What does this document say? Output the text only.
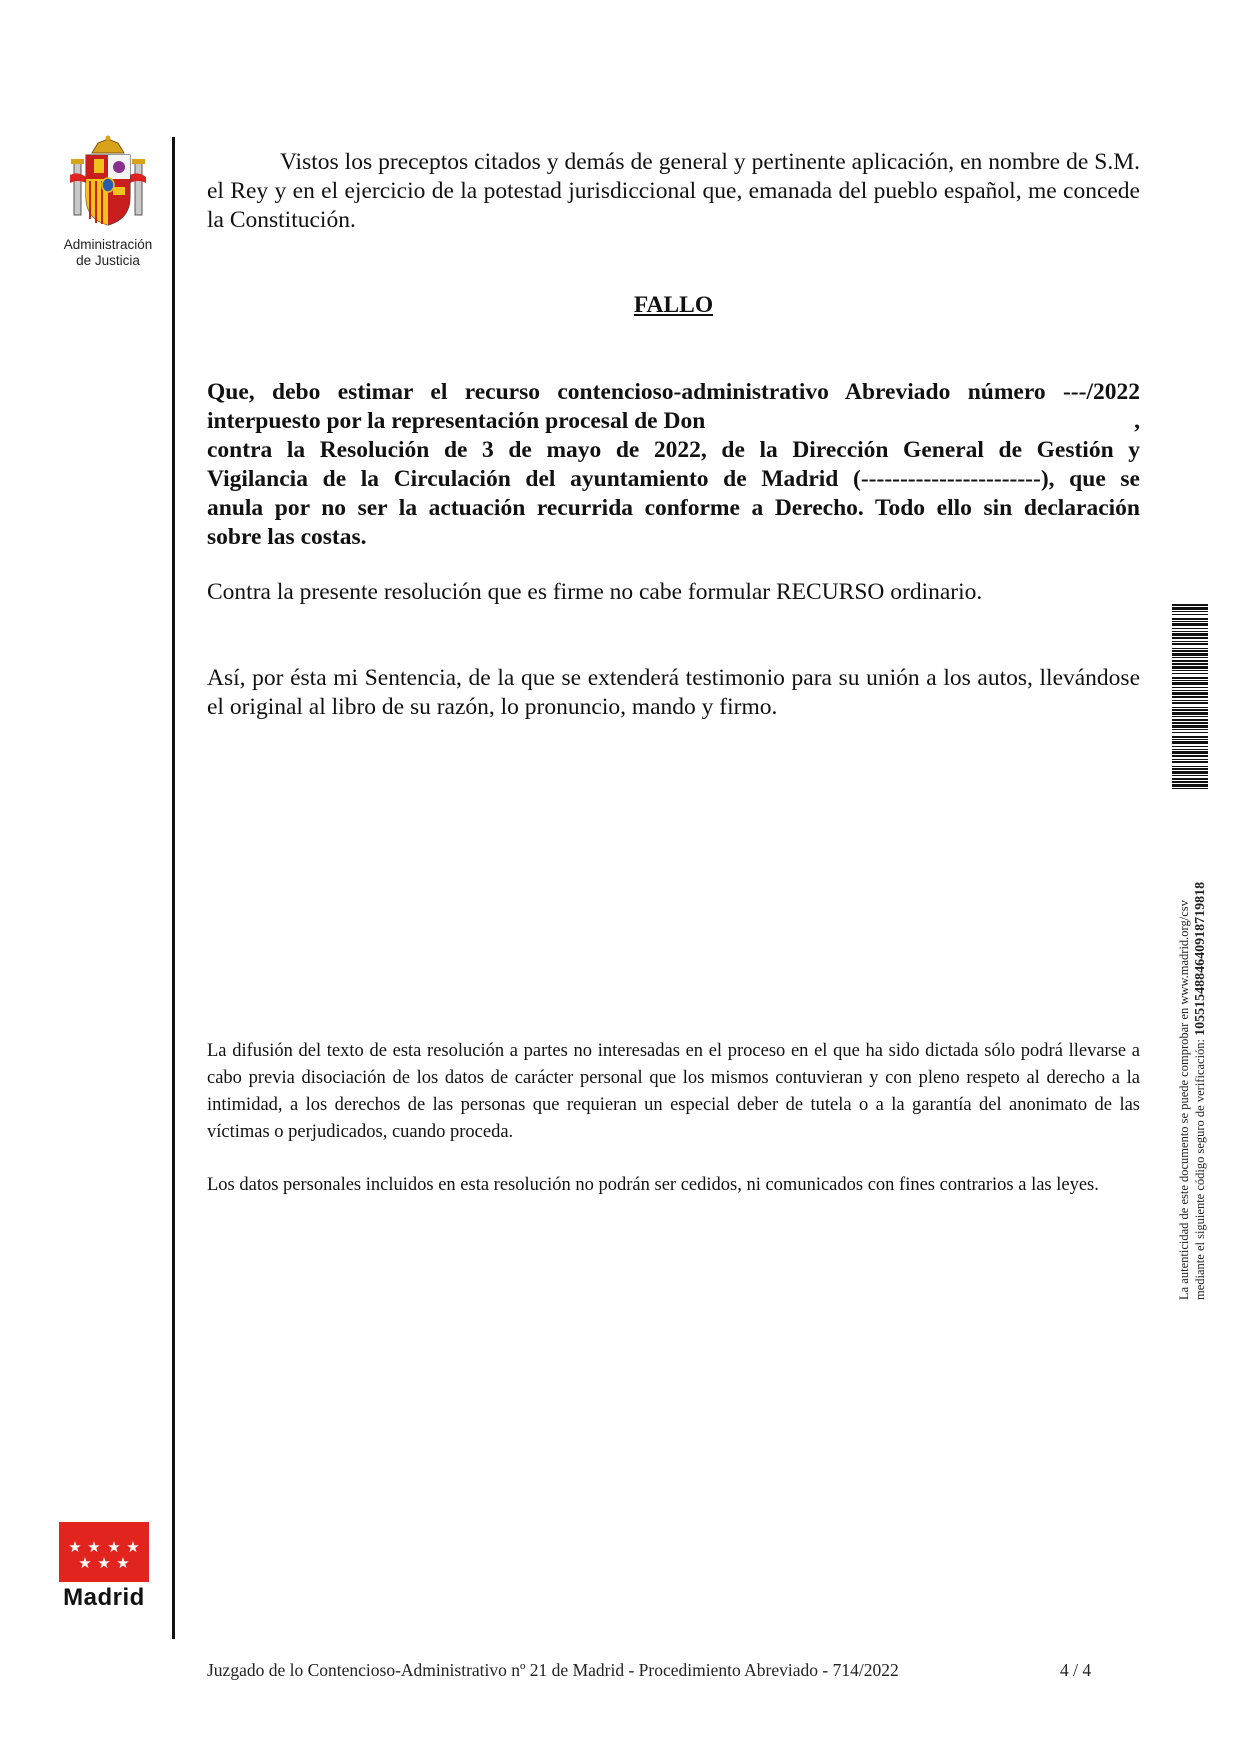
Administración
de Justicia

Vistos los preceptos citados y demás de general y pertinente aplicación, en nombre de S.M. el Rey y en el ejercicio de la potestad jurisdiccional que, emanada del pueblo español, me concede la Constitución.

FALLO
Que, debo estimar el recurso contencioso-administrativo Abreviado número ---/2022
interpuesto por la representación procesal de Don	,
contra la Resolución de 3 de mayo de 2022, de la Dirección General de Gestión y
Vigilancia de la Circulación del ayuntamiento de Madrid (-----------------------), que se
anula por no ser la actuación recurrida conforme a Derecho. Todo ello sin declaración
sobre las costas.

Contra la presente resolución que es firme no cabe formular RECURSO ordinario.

Así, por ésta mi Sentencia, de la que se extenderá testimonio para su unión a los autos, llevándose el original al libro de su razón, lo pronuncio, mando y firmo.

La difusión del texto de esta resolución a partes no interesadas en el proceso en el que ha sido dictada sólo podrá llevarse a cabo previa disociación de los datos de carácter personal que los mismos contuvieran y con pleno respeto al derecho a la intimidad, a los derechos de las personas que requieran un especial deber de tutela o a la garantía del anonimato de las víctimas o perjudicados, cuando proceda.

Los datos personales incluidos en esta resolución no podrán ser cedidos, ni comunicados con fines contrarios a las leyes.	La autenticidad de este documento se puede comprobar en www.madrid.org/csv mediante el siguiente código seguro de verificación: 1055154884640918719818
★ ★ ★ ★
★ ★ ★
Madrid
Juzgado de lo Contencioso-Administrativo nº 21 de Madrid - Procedimiento Abreviado - 714/2022	4 / 4
